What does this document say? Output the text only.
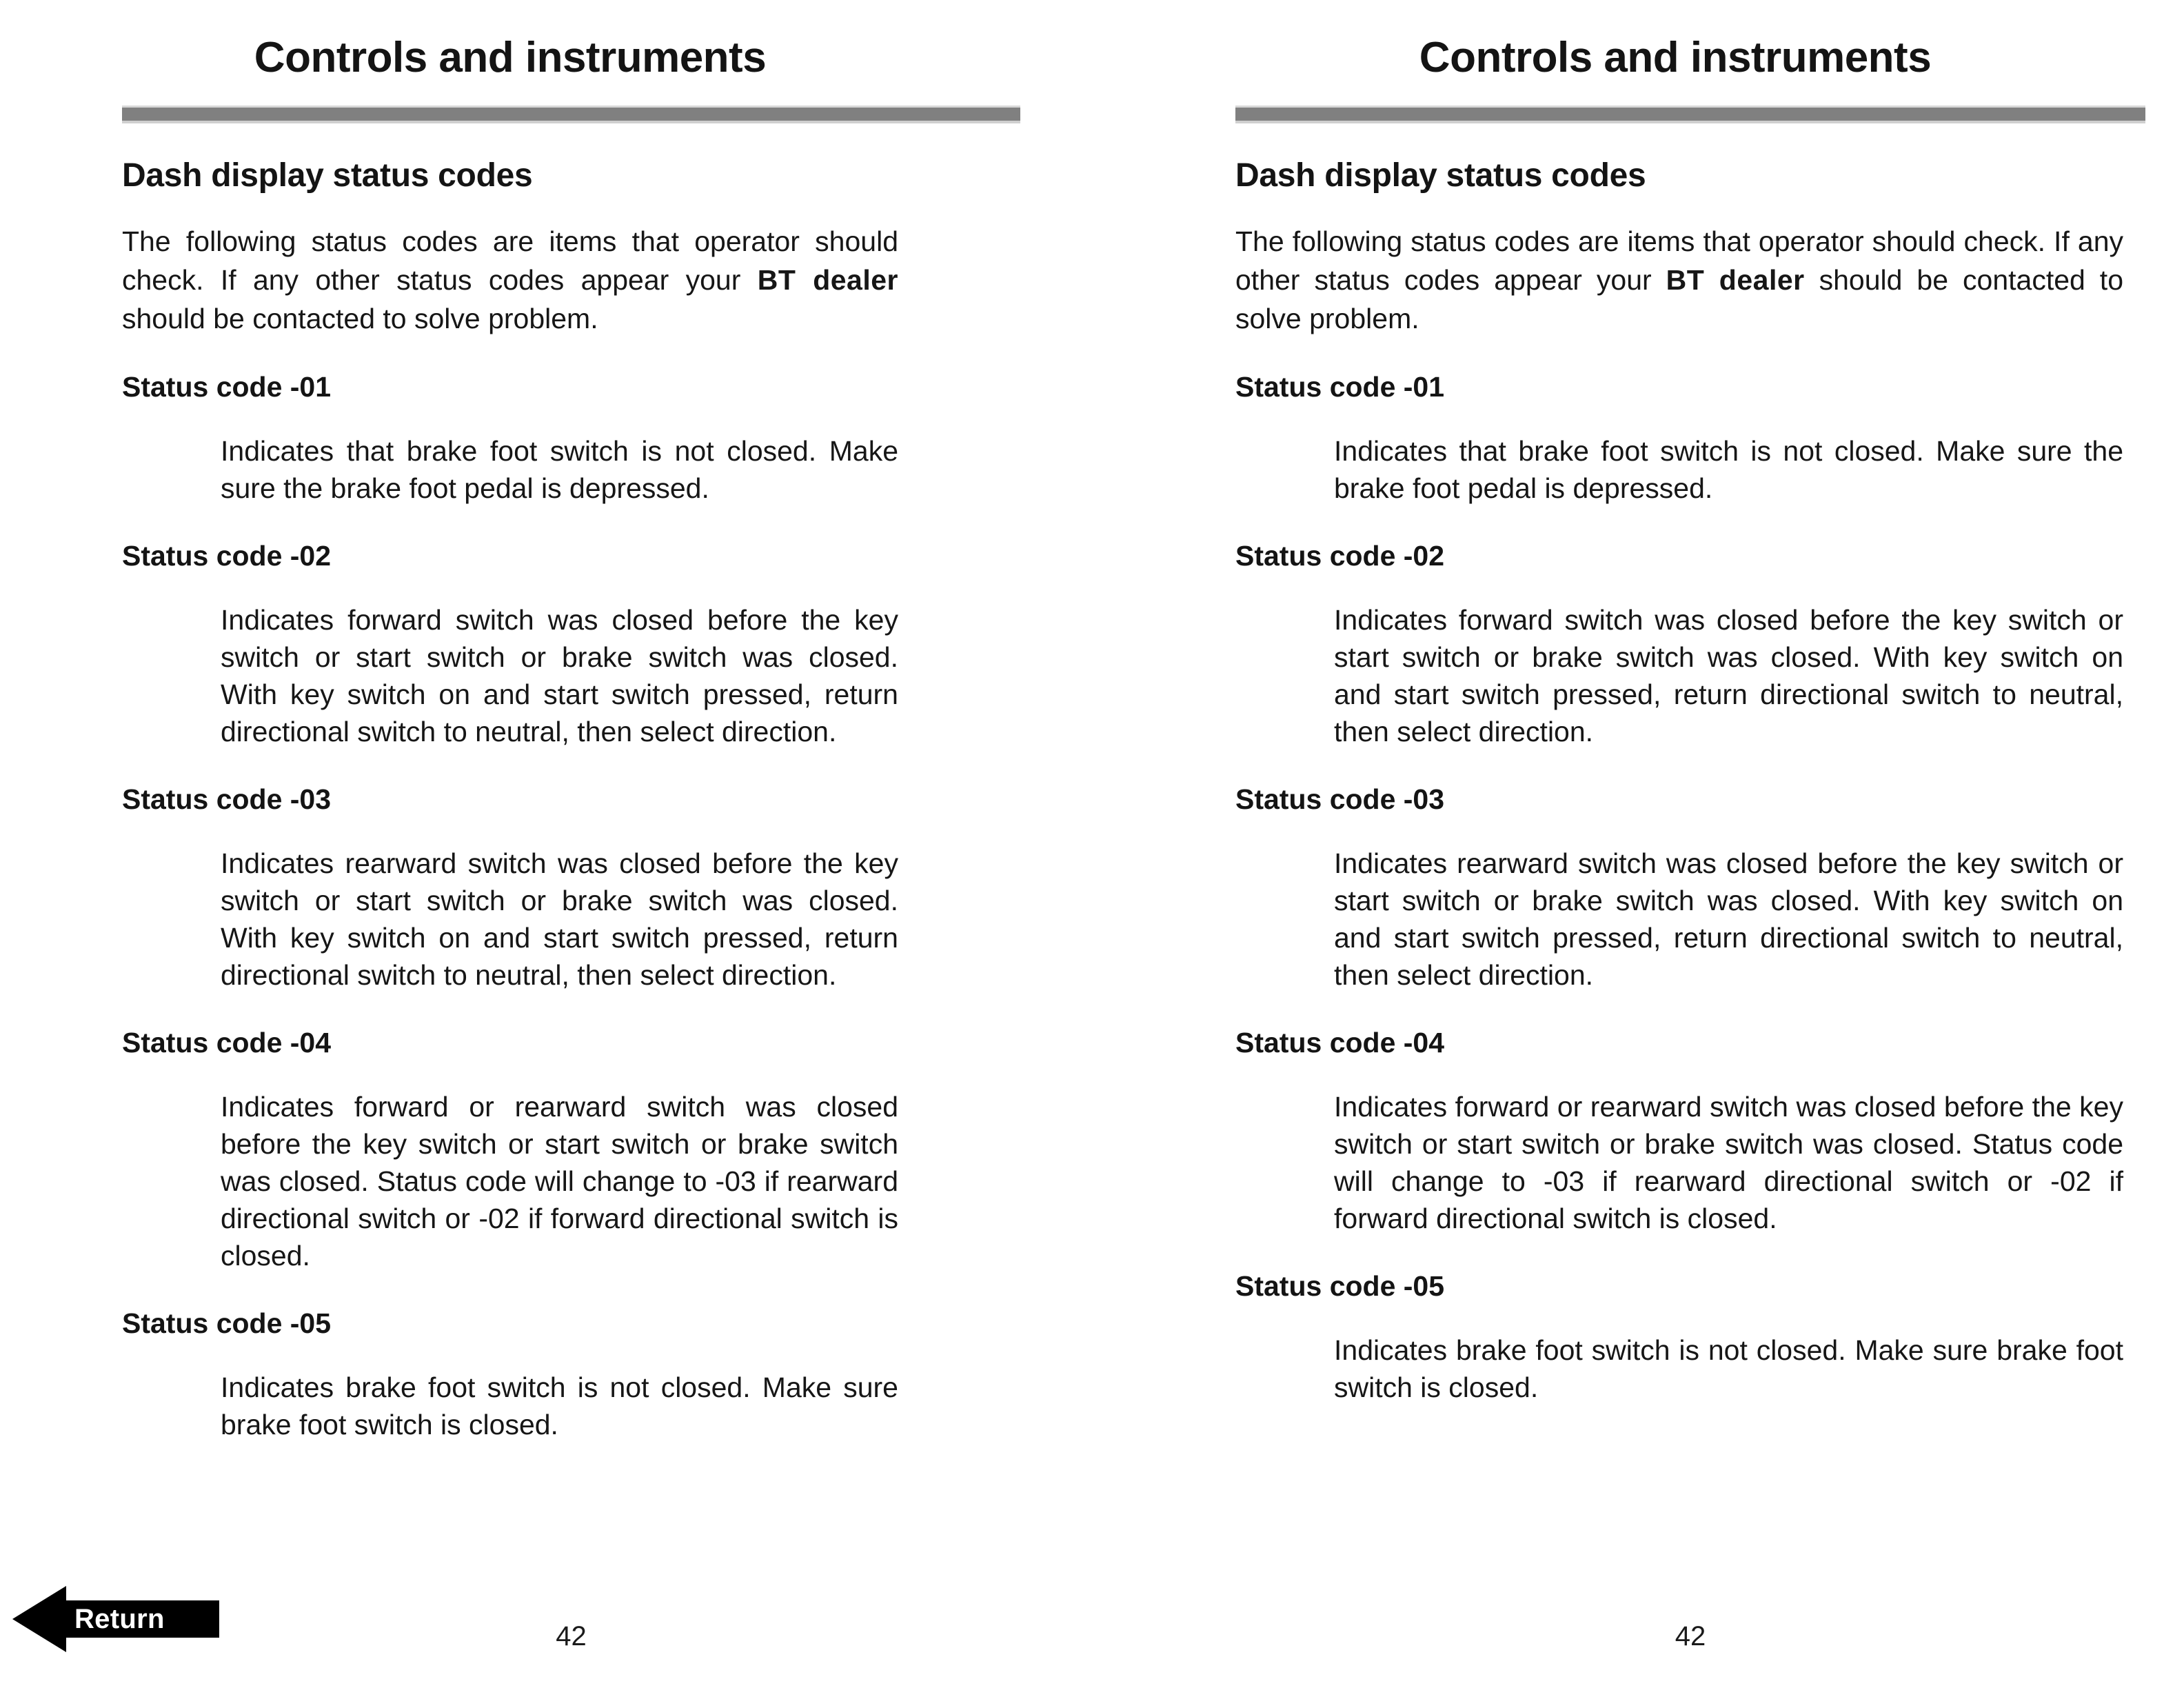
Controls and instruments
Dash display status codes

The following status codes are items that operator should check. If any other status codes appear your BT dealer should be contacted to solve problem.

Status code -01

Indicates that brake foot switch is not closed. Make sure the brake foot pedal is depressed.

Status code -02

Indicates forward switch was closed before the key switch or start switch or brake switch was closed. With key switch on and start switch pressed, return directional switch to neutral, then select direction.

Status code -03

Indicates rearward switch was closed before the key switch or start switch or brake switch was closed. With key switch on and start switch pressed, return directional switch to neutral, then select direction.

Status code -04

Indicates forward or rearward switch was closed before the key switch or start switch or brake switch was closed. Status code will change to -03 if rearward directional switch or -02 if forward directional switch is closed.

Status code -05

Indicates brake foot switch is not closed. Make sure brake foot switch is closed.

42
Controls and instruments
Dash display status codes

The following status codes are items that operator should check. If any other status codes appear your BT dealer should be contacted to solve problem.

Status code -01

Indicates that brake foot switch is not closed. Make sure the brake foot pedal is depressed.

Status code -02

Indicates forward switch was closed before the key switch or start switch or brake switch was closed. With key switch on and start switch pressed, return directional switch to neutral, then select direction.

Status code -03

Indicates rearward switch was closed before the key switch or start switch or brake switch was closed. With key switch on and start switch pressed, return directional switch to neutral, then select direction.

Status code -04

Indicates forward or rearward switch was closed before the key switch or start switch or brake switch was closed. Status code will change to -03 if rearward directional switch or -02 if forward directional switch is closed.

Status code -05

Indicates brake foot switch is not closed. Make sure brake foot switch is closed.

42
Return
